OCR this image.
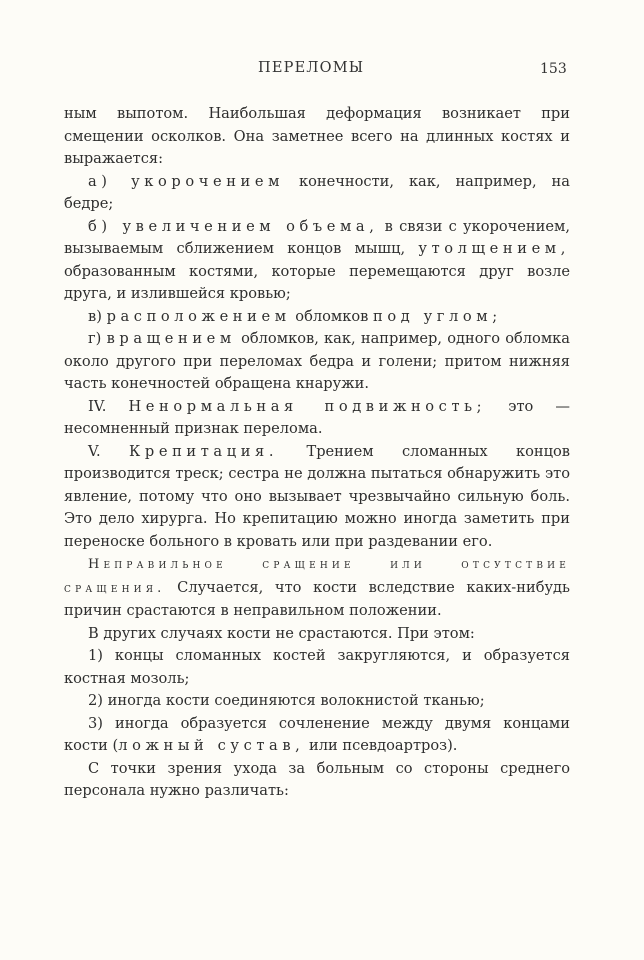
ПЕРЕЛОМЫ	153

ным выпотом. Наибольшая деформация возникает при смещении осколков. Она заметнее всего на длинных костях и выражается:

а) укорочением конечности, как, например, на бедре;

б) увеличением объема, в связи с укорочением, вызываемым сближением концов мышц, утолщением, образованным костями, которые перемещаются друг возле друга, и излившейся кровью;

в) расположением обломков под углом;

г) вращением обломков, как, например, одного обломка около другого при переломах бедра и голени; притом нижняя часть конечностей обращена кнаружи.

IV. Ненормальная подвижность; это — несомненный признак перелома.

V. Крепитация. Трением сломанных концов производится треск; сестра не должна пытаться обнаружить это явление, потому что оно вызывает чрезвычайно сильную боль. Это дело хирурга. Но крепитацию можно иногда заметить при переноске больного в кровать или при раздевании его.

Неправильное сращение или отсутствие сращения. Случается, что кости вследствие каких-нибудь причин срастаются в неправильном положении.

В других случаях кости не срастаются. При этом:

1) концы сломанных костей закругляются, и образуется костная мозоль;

2) иногда кости соединяются волокнистой тканью;

3) иногда образуется сочленение между двумя концами кости (ложный сустав, или псевдоартроз).

С точки зрения ухода за больным со стороны среднего персонала нужно различать:
